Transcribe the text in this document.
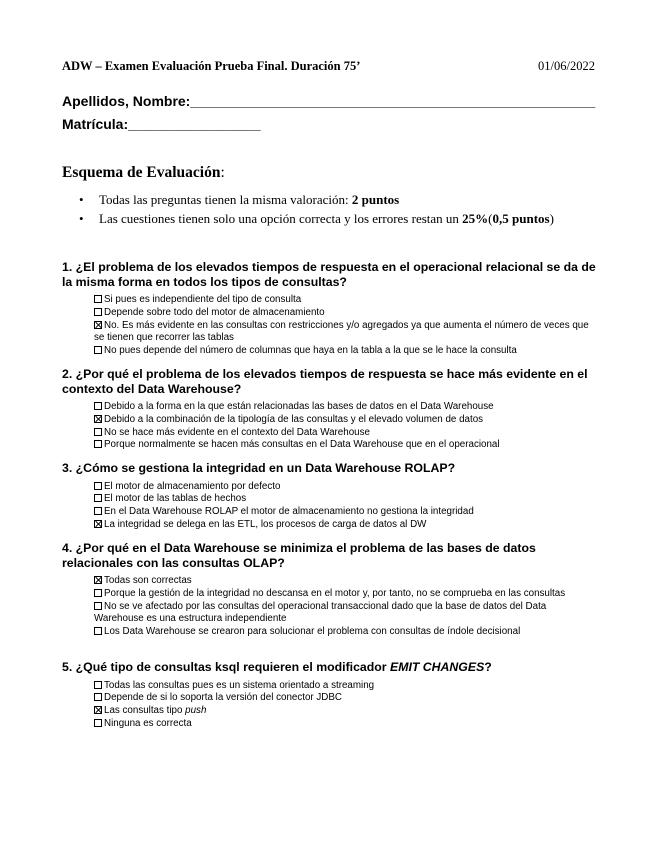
ADW – Examen Evaluación Prueba Final. Duración 75’	01/06/2022
Apellidos, Nombre:____________________________________________________
Matrícula:_________________
Esquema de Evaluación:
• Todas las preguntas tienen la misma valoración: 2 puntos
• Las cuestiones tienen solo una opción correcta y los errores restan un 25%(0,5 puntos)

1. ¿El problema de los elevados tiempos de respuesta en el operacional relacional se da de la misma forma en todos los tipos de consultas?

Si pues es independiente del tipo de consulta
Depende sobre todo del motor de almacenamiento
No. Es más evidente en las consultas con restricciones y/o agregados ya que aumenta el número de veces que se tienen que recorrer las tablas
No pues depende del número de columnas que haya en la tabla a la que se le hace la consulta

2. ¿Por qué el problema de los elevados tiempos de respuesta se hace más evidente en el contexto del Data Warehouse?

Debido a la forma en la que están relacionadas las bases de datos en el Data Warehouse
Debido a la combinación de la tipología de las consultas y el elevado volumen de datos
No se hace más evidente en el contexto del Data Warehouse
Porque normalmente se hacen más consultas en el Data Warehouse que en el operacional

3. ¿Cómo se gestiona la integridad en un Data Warehouse ROLAP?

El motor de almacenamiento por defecto
El motor de las tablas de hechos
En el Data Warehouse ROLAP el motor de almacenamiento no gestiona la integridad
La integridad se delega en las ETL, los procesos de carga de datos al DW

4. ¿Por qué en el Data Warehouse se minimiza el problema de las bases de datos relacionales con las consultas OLAP?

Todas son correctas
Porque la gestión de la integridad no descansa en el motor y, por tanto, no se comprueba en las consultas
No se ve afectado por las consultas del operacional transaccional dado que la base de datos del Data Warehouse es una estructura independiente
Los Data Warehouse se crearon para solucionar el problema con consultas de índole decisional

5. ¿Qué tipo de consultas ksql requieren el modificador EMIT CHANGES?

Todas las consultas pues es un sistema orientado a streaming
Depende de si lo soporta la versión del conector JDBC
Las consultas tipo push
Ninguna es correcta
